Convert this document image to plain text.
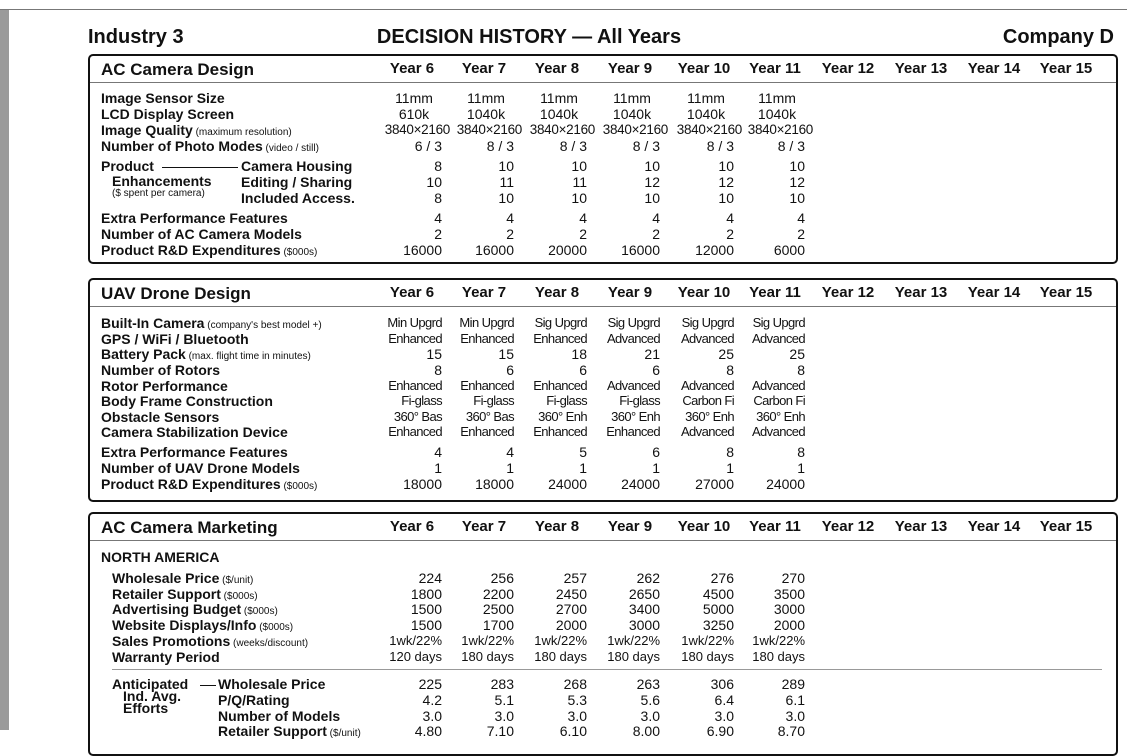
Industry 3	DECISION HISTORY — All Years	Company D
AC Camera Design	Year 6	Year 7	Year 8	Year 9	Year 10	Year 11	Year 12	Year 13	Year 14	Year 15
Image Sensor Size	11mm	11mm	11mm	11mm	11mm	11mm
LCD Display Screen	610k	1040k	1040k	1040k	1040k	1040k
Image Quality (maximum resolution)	3840×2160 3840×2160 3840×2160 3840×2160 3840×2160 3840×2160
Number of Photo Modes (video / still)	6 / 3	8 / 3	8 / 3	8 / 3	8 / 3	8 / 3
Product
Enhancements
($ spent per camera)
Camera Housing	8	10	10	10	10	10
Editing / Sharing	10	11	11	12	12	12
Included Access.	8	10	10	10	10	10
Extra Performance Features	4	4	4	4	4	4
Number of AC Camera Models	2	2	2	2	2	2
Product R&D Expenditures ($000s)	16000	16000	20000	16000	12000	6000
UAV Drone Design	Year 6	Year 7	Year 8	Year 9	Year 10	Year 11	Year 12	Year 13	Year 14	Year 15
Built-In Camera (company's best model +)	Min Upgrd	Min Upgrd	Sig Upgrd	Sig Upgrd	Sig Upgrd	Sig Upgrd
GPS / WiFi / Bluetooth	Enhanced	Enhanced	Enhanced	Advanced	Advanced	Advanced
Battery Pack (max. flight time in minutes)	15	15	18	21	25	25
Number of Rotors	8	6	6	6	8	8
Rotor Performance	Enhanced	Enhanced	Enhanced	Advanced	Advanced	Advanced
Body Frame Construction	Fi-glass	Fi-glass	Fi-glass	Fi-glass	Carbon Fi	Carbon Fi
Obstacle Sensors	360° Bas	360° Bas	360° Enh	360° Enh	360° Enh	360° Enh
Camera Stabilization Device	Enhanced	Enhanced	Enhanced	Enhanced	Advanced	Advanced
Extra Performance Features	4	4	5	6	8	8
Number of UAV Drone Models	1	1	1	1	1	1
Product R&D Expenditures ($000s)	18000	18000	24000	24000	27000	24000
AC Camera Marketing	Year 6	Year 7	Year 8	Year 9	Year 10	Year 11	Year 12	Year 13	Year 14	Year 15
NORTH AMERICA
Wholesale Price ($/unit)	224	256	257	262	276	270
Retailer Support ($000s)	1800	2200	2450	2650	4500	3500
Advertising Budget ($000s)	1500	2500	2700	3400	5000	3000
Website Displays/Info ($000s)	1500	1700	2000	3000	3250	2000
Sales Promotions (weeks/discount)	1wk/22%	1wk/22%	1wk/22%	1wk/22%	1wk/22%	1wk/22%
Warranty Period	120 days	180 days	180 days	180 days	180 days	180 days
Anticipated
Ind. Avg.
Efforts
Wholesale Price	225	283	268	263	306	289
P/Q/Rating	4.2	5.1	5.3	5.6	6.4	6.1
Number of Models	3.0	3.0	3.0	3.0	3.0	3.0
Retailer Support ($/unit)	4.80	7.10	6.10	8.00	6.90	8.70
